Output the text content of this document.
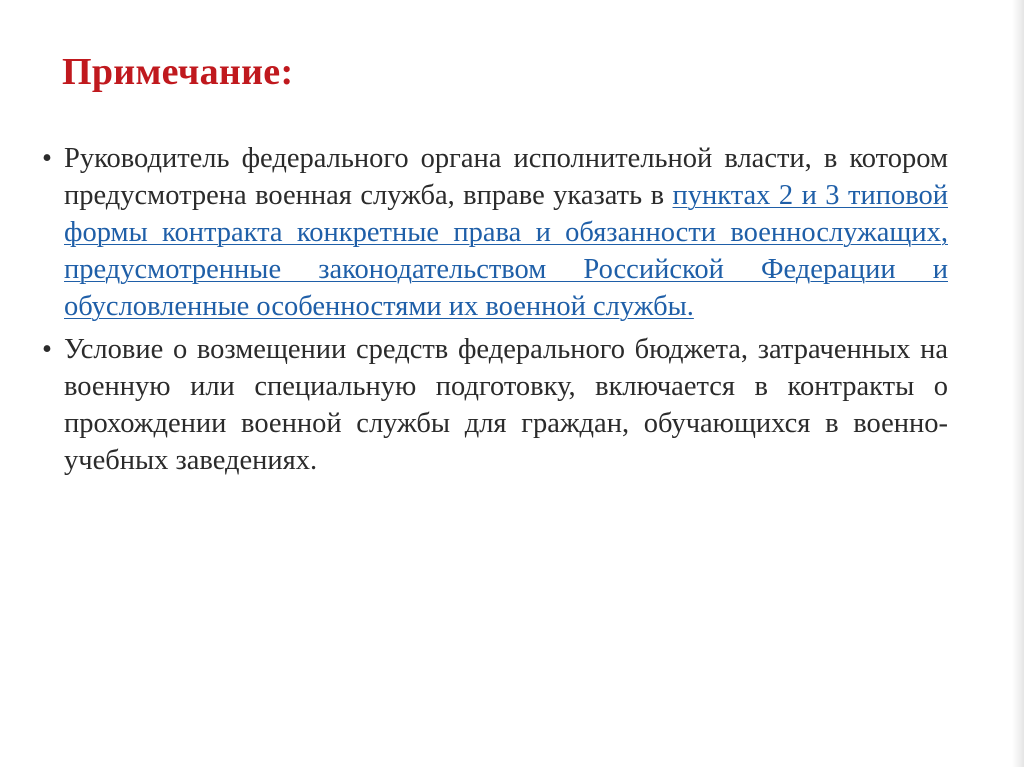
Примечание:
• Руководитель федерального органа исполнительной власти, в котором предусмотрена военная служба, вправе указать в пунктах 2 и 3 типовой формы контракта конкретные права и обязанности военнослужащих, предусмотренные законодательством Российской Федерации и обусловленные особенностями их военной службы.
• Условие о возмещении средств федерального бюджета, затраченных на военную или специальную подготовку, включается в контракты о прохождении военной службы для граждан, обучающихся в военно-учебных заведениях.
